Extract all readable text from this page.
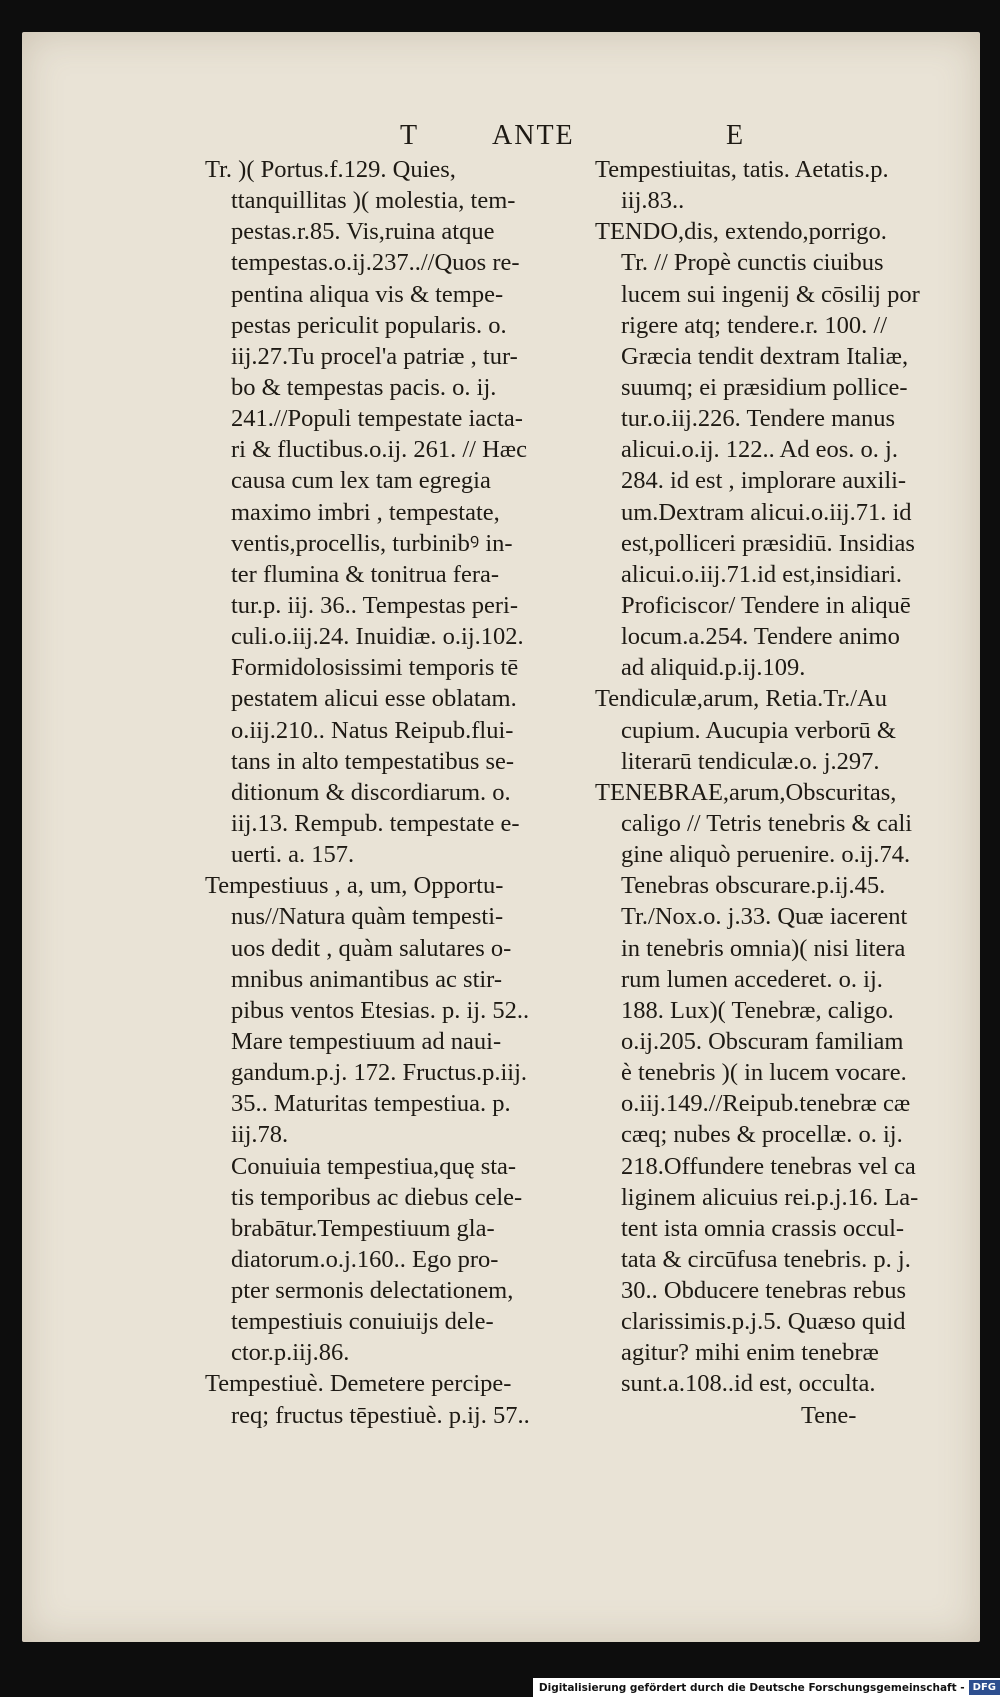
T	ANTE	E
Tr. )( Portus.f.129. Quies,
ttanquillitas )( molestia, tem-
pestas.r.85. Vis,ruina atque
tempestas.o.ij.237..//Quos re-
pentina aliqua vis & tempe-
pestas periculit popularis. o.
iij.27.Tu procel'a patriæ , tur-
bo & tempestas pacis. o. ij.
241.//Populi tempestate iacta-
ri & fluctibus.o.ij. 261. // Hæc
causa cum lex tam egregia
maximo imbri , tempestate,
ventis,procellis, turbinibꝰ in-
ter flumina & tonitrua fera-
tur.p. iij. 36.. Tempestas peri-
culi.o.iij.24. Inuidiæ. o.ij.102.
Formidolosissimi temporis tē
pestatem alicui esse oblatam.
o.iij.210.. Natus Reipub.flui-
tans in alto tempestatibus se-
ditionum & discordiarum. o.
iij.13. Rempub. tempestate e-
uerti. a. 157.
Tempestiuus , a, um, Opportu-
nus//Natura quàm tempesti-
uos dedit , quàm salutares o-
mnibus animantibus ac stir-
pibus ventos Etesias. p. ij. 52..
Mare tempestiuum ad naui-
gandum.p.j. 172. Fructus.p.iij.
35.. Maturitas tempestiua. p.
iij.78.
Conuiuia tempestiua,quę sta-
tis temporibus ac diebus cele-
brabātur.Tempestiuum gla-
diatorum.o.j.160.. Ego pro-
pter sermonis delectationem,
tempestiuis conuiuijs dele-
ctor.p.iij.86.
Tempestiuè. Demetere percipe-
req; fructus tēpestiuè. p.ij. 57..
Tempestiuitas, tatis. Aetatis.p.
iij.83..
TENDO,dis, extendo,porrigo.
Tr. // Propè cunctis ciuibus
lucem sui ingenij & cōsilij por
rigere atq; tendere.r. 100. //
Græcia tendit dextram Italiæ,
suumq; ei præsidium pollice-
tur.o.iij.226. Tendere manus
alicui.o.ij. 122.. Ad eos. o. j.
284. id est , implorare auxili-
um.Dextram alicui.o.iij.71. id
est,polliceri præsidiū. Insidias
alicui.o.iij.71.id est,insidiari.
Proficiscor/ Tendere in aliquē
locum.a.254. Tendere animo
ad aliquid.p.ij.109.
Tendiculæ,arum, Retia.Tr./Au
cupium. Aucupia verborū &
literarū tendiculæ.o. j.297.
TENEBRAE,arum,Obscuritas,
caligo // Tetris tenebris & cali
gine aliquò peruenire. o.ij.74.
Tenebras obscurare.p.ij.45.
Tr./Nox.o. j.33. Quæ iacerent
in tenebris omnia)( nisi litera
rum lumen accederet. o. ij.
188. Lux)( Tenebræ, caligo.
o.ij.205. Obscuram familiam
è tenebris )( in lucem vocare.
o.iij.149.//Reipub.tenebræ cæ
cæq; nubes & procellæ. o. ij.
218.Offundere tenebras vel ca
liginem alicuius rei.p.j.16. La-
tent ista omnia crassis occul-
tata & circūfusa tenebris. p. j.
30.. Obducere tenebras rebus
clarissimis.p.j.5. Quæso quid
agitur? mihi enim tenebræ
sunt.a.108..id est, occulta.
Tene-
Digitalisierung gefördert durch die Deutsche Forschungsgemeinschaft - DFG
